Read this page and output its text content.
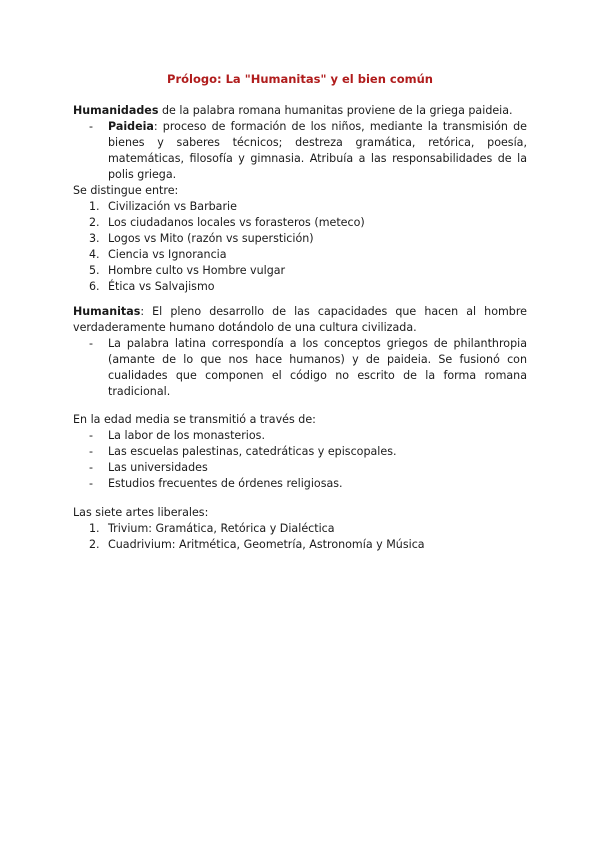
Prólogo: La "Humanitas" y el bien común
Humanidades de la palabra romana humanitas proviene de la griega paideia.
- Paideia: proceso de formación de los niños, mediante la transmisión de bienes y saberes técnicos; destreza gramática, retórica, poesía, matemáticas, filosofía y gimnasia. Atribuía a las responsabilidades de la polis griega.
Se distingue entre:
1. Civilización vs Barbarie
2. Los ciudadanos locales vs forasteros (meteco)
3. Logos vs Mito (razón vs superstición)
4. Ciencia vs Ignorancia
5. Hombre culto vs Hombre vulgar
6. Ética vs Salvajismo
Humanitas: El pleno desarrollo de las capacidades que hacen al hombre verdaderamente humano dotándolo de una cultura civilizada.
- La palabra latina correspondía a los conceptos griegos de philanthropia (amante de lo que nos hace humanos) y de paideia. Se fusionó con cualidades que componen el código no escrito de la forma romana tradicional.
En la edad media se transmitió a través de:
- La labor de los monasterios.
- Las escuelas palestinas, catedráticas y episcopales.
- Las universidades
- Estudios frecuentes de órdenes religiosas.
Las siete artes liberales:
1. Trivium: Gramática, Retórica y Dialéctica
2. Cuadrivium: Aritmética, Geometría, Astronomía y Música
